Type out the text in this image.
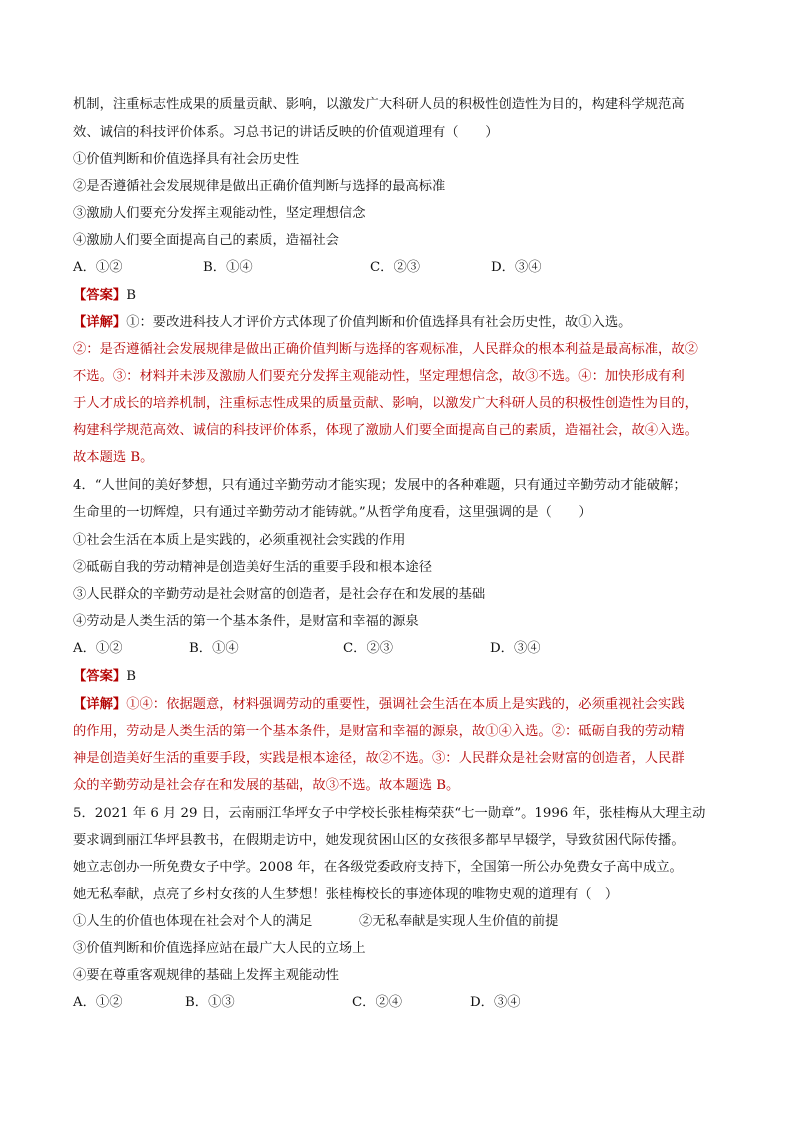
机制，注重标志性成果的质量贡献、影响，以激发广大科研人员的积极性创造性为目的，构建科学规范高
效、诚信的科技评价体系。习总书记的讲话反映的价值观道理有（　　）
①价值判断和价值选择具有社会历史性
②是否遵循社会发展规律是做出正确价值判断与选择的最高标准
③激励人们要充分发挥主观能动性，坚定理想信念
④激励人们要全面提高自己的素质，造福社会
A．①②	B．①④	C．②③	D．③④
【答案】B
【详解】①：要改进科技人才评价方式体现了价值判断和价值选择具有社会历史性，故①入选。
②：是否遵循社会发展规律是做出正确价值判断与选择的客观标准，人民群众的根本利益是最高标准，故②
不选。③：材料并未涉及激励人们要充分发挥主观能动性，坚定理想信念，故③不选。④：加快形成有利
于人才成长的培养机制，注重标志性成果的质量贡献、影响，以激发广大科研人员的积极性创造性为目的，
构建科学规范高效、诚信的科技评价体系，体现了激励人们要全面提高自己的素质，造福社会，故④入选。
故本题选 B。
4．“人世间的美好梦想，只有通过辛勤劳动才能实现；发展中的各种难题，只有通过辛勤劳动才能破解；
生命里的一切辉煌，只有通过辛勤劳动才能铸就。”从哲学角度看，这里强调的是（　　）
①社会生活在本质上是实践的，必须重视社会实践的作用
②砥砺自我的劳动精神是创造美好生活的重要手段和根本途径
③人民群众的辛勤劳动是社会财富的创造者，是社会存在和发展的基础
④劳动是人类生活的第一个基本条件，是财富和幸福的源泉
A．①②	B．①④	C．②③	D．③④
【答案】B
【详解】①④：依据题意，材料强调劳动的重要性，强调社会生活在本质上是实践的，必须重视社会实践
的作用，劳动是人类生活的第一个基本条件，是财富和幸福的源泉，故①④入选。②：砥砺自我的劳动精
神是创造美好生活的重要手段，实践是根本途径，故②不选。③：人民群众是社会财富的创造者，人民群
众的辛勤劳动是社会存在和发展的基础，故③不选。故本题选 B。
5．2021 年 6 月 29 日，云南丽江华坪女子中学校长张桂梅荣获“七一勋章”。1996 年，张桂梅从大理主动
要求调到丽江华坪县教书，在假期走访中，她发现贫困山区的女孩很多都早早辍学，导致贫困代际传播。
她立志创办一所免费女子中学。2008 年，在各级党委政府支持下，全国第一所公办免费女子高中成立。
她无私奉献，点亮了乡村女孩的人生梦想！张桂梅校长的事迹体现的唯物史观的道理有（　）
①人生的价值也体现在社会对个人的满足	②无私奉献是实现人生价值的前提
③价值判断和价值选择应站在最广大人民的立场上
④要在尊重客观规律的基础上发挥主观能动性
A．①②	B．①③	C．②④	D．③④
